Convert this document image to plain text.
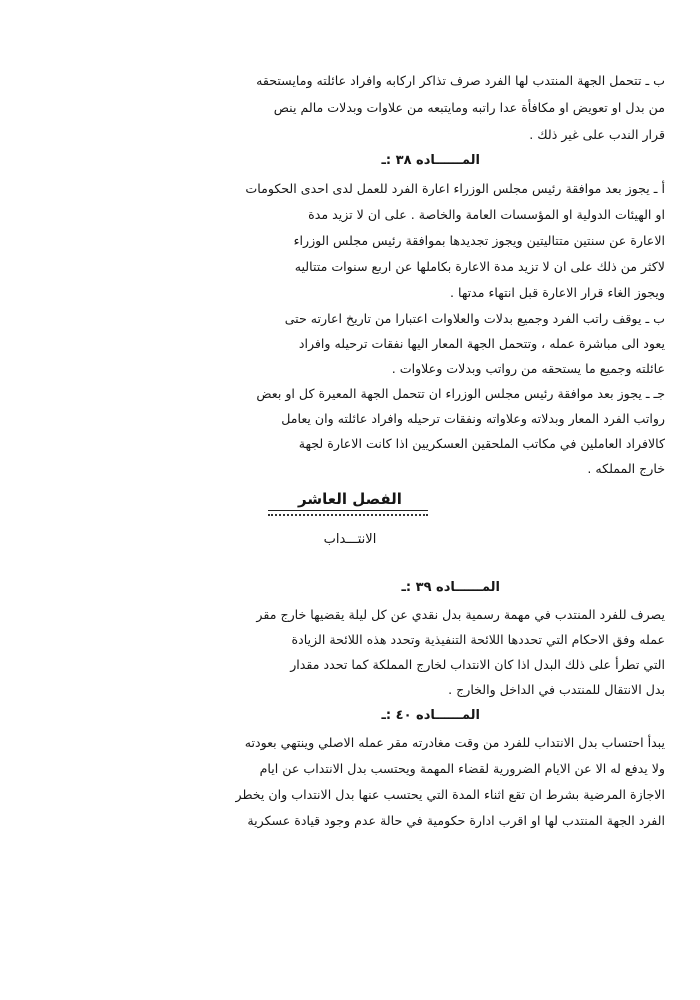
ب ـ تتحمل الجهة المنتدب لها الفرد صرف تذاكر اركابه وافراد عائلته ومايستحقه
من بدل او تعويض او مكافأة عدا راتبه ومايتبعه من علاوات وبدلات مالم ينص
قرار الندب على غير ذلك .
المــــــاده ٣٨ :ـ
أ ـ يجوز بعد موافقة رئيس مجلس الوزراء اعارة الفرد للعمل لدى احدى الحكومات
او الهيئات الدولية او المؤسسات العامة والخاصة . على ان لا تزيد مدة
الاعارة عن سنتين متتاليتين ويجوز تجديدها بموافقة رئيس مجلس الوزراء
لاكثر من ذلك على ان لا تزيد مدة الاعارة بكاملها عن اربع سنوات متتاليه
ويجوز الغاء قرار الاعارة قبل انتهاء مدتها .
ب ـ يوقف راتب الفرد وجميع بدلات والعلاوات اعتبارا من تاريخ اعارته حتى
يعود الى مباشرة عمله ، وتتحمل الجهة المعار اليها نفقات ترحيله وافراد
عائلته وجميع ما يستحقه من رواتب وبدلات وعلاوات .
جـ ـ يجوز بعد موافقة رئيس مجلس الوزراء ان تتحمل الجهة المعيرة كل او بعض
رواتب الفرد المعار وبدلاته وعلاواته ونفقات ترحيله وافراد عائلته وان يعامل
كالافراد العاملين في مكاتب الملحقين العسكريين اذا كانت الاعارة لجهة
خارج المملكه .
الفصل العاشر
الانتـــداب
المــــــاده ٣٩ :ـ
يصرف للفرد المنتدب في مهمة رسمية بدل نقدي عن كل ليلة يقضيها خارج مقر
عمله وفق الاحكام التي تحددها اللائحة التنفيذية وتحدد هذه اللائحة الزيادة
التي تطرأ على ذلك البدل اذا كان الانتداب لخارج المملكة كما تحدد مقدار
بدل الانتقال للمنتدب في الداخل والخارج .
المــــــاده ٤٠ :ـ
يبدأ احتساب بدل الانتداب للفرد من وقت مغادرته مقر عمله الاصلي وينتهي بعودته
ولا يدفع له الا عن الايام الضرورية لقضاء المهمة ويحتسب بدل الانتداب عن ايام
الاجازة المرضية بشرط ان تقع اثناء المدة التي يحتسب عنها بدل الانتداب وان يخطر
الفرد الجهة المنتدب لها او اقرب ادارة حكومية في حالة عدم وجود قيادة عسكرية
